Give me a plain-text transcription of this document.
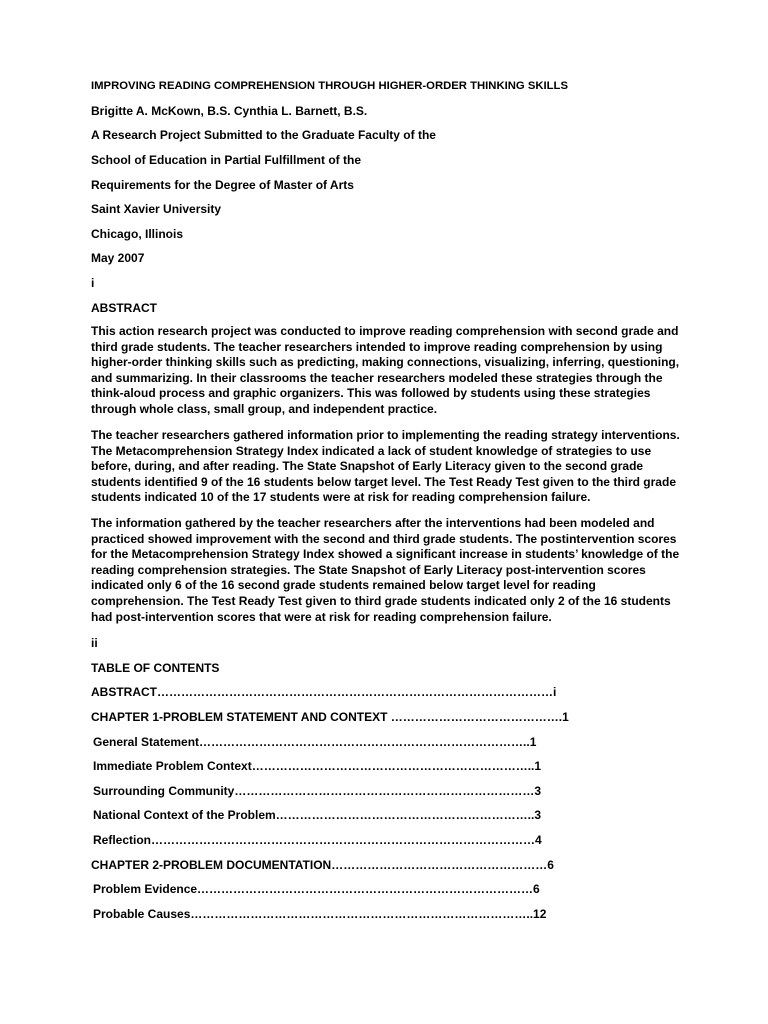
IMPROVING READING COMPREHENSION THROUGH HIGHER-ORDER THINKING SKILLS
Brigitte A. McKown, B.S. Cynthia L. Barnett, B.S.
A Research Project Submitted to the Graduate Faculty of the
School of Education in Partial Fulfillment of the
Requirements for the Degree of Master of Arts
Saint Xavier University
Chicago, Illinois
May 2007
i
ABSTRACT
This action research project was conducted to improve reading comprehension with second grade and third grade students. The teacher researchers intended to improve reading comprehension by using higher-order thinking skills such as predicting, making connections, visualizing, inferring, questioning, and summarizing. In their classrooms the teacher researchers modeled these strategies through the think-aloud process and graphic organizers. This was followed by students using these strategies through whole class, small group, and independent practice.
The teacher researchers gathered information prior to implementing the reading strategy interventions. The Metacomprehension Strategy Index indicated a lack of student knowledge of strategies to use before, during, and after reading. The State Snapshot of Early Literacy given to the second grade students identified 9 of the 16 students below target level. The Test Ready Test given to the third grade students indicated 10 of the 17 students were at risk for reading comprehension failure.
The information gathered by the teacher researchers after the interventions had been modeled and practiced showed improvement with the second and third grade students. The postintervention scores for the Metacomprehension Strategy Index showed a significant increase in students’ knowledge of the reading comprehension strategies. The State Snapshot of Early Literacy post-intervention scores indicated only 6 of the 16 second grade students remained below target level for reading comprehension. The Test Ready Test given to third grade students indicated only 2 of the 16 students had post-intervention scores that were at risk for reading comprehension failure.
ii
TABLE OF CONTENTS
ABSTRACT………………………………………………………………………………………i
CHAPTER 1-PROBLEM STATEMENT AND CONTEXT …………………………………….1
General Statement………………………………………………………………………..1
Immediate Problem Context……………………………………………………………..1
Surrounding Community…………………………………………………………………3
National Context of the Problem………………………………………………………..3
Reflection……………………………………………………………………………………4
CHAPTER 2-PROBLEM DOCUMENTATION………………………………………………6
Problem Evidence…………………………………………………………………………6
Probable Causes…………………………………………………………………………..12
